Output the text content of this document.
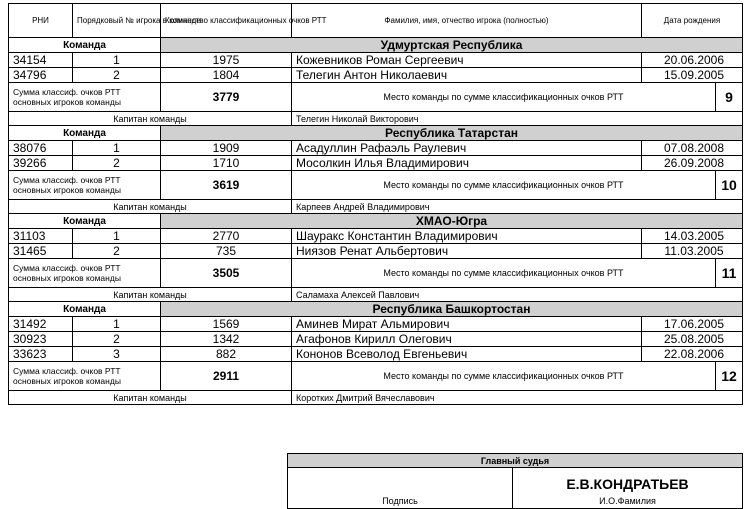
РНИ	Порядковый № игрока в команде	Количество классификационных очков РТТ	Фамилия, имя, отчество игрока (полностью)	Дата рождения	
Команда		Удмуртская Республика			
34154	1	1975	Кожевников Роман Сергеевич	20.06.2006	
34796	2	1804	Телегин Антон Николаевич	15.09.2005	
Сумма классиф. очков РТТ основных игроков команды		3779	Место команды по сумме классификационных очков РТТ		9
Капитан команды			Телегин Николай Викторович		
Команда		Республика Татарстан			
38076	1	1909	Асадуллин Рафаэль Раулевич	07.08.2008	
39266	2	1710	Мосолкин Илья Владимирович	26.09.2008	
Сумма классиф. очков РТТ основных игроков команды		3619	Место команды по сумме классификационных очков РТТ		10
Капитан команды			Карпеев Андрей Владимирович		
Команда		ХМАО-Югра			
31103	1	2770	Шауракс Константин Владимирович	14.03.2005	
31465	2	735	Ниязов Ренат Альбертович	11.03.2005	
Сумма классиф. очков РТТ основных игроков команды		3505	Место команды по сумме классификационных очков РТТ		11
Капитан команды			Саламаха Алексей Павлович		
Команда		Республика Башкортостан			
31492	1	1569	Аминев Мират Альмирович	17.06.2005	
30923	2	1342	Агафонов Кирилл Олегович	25.08.2005	
33623	3	882	Кононов Всеволод Евгеньевич	22.08.2006	
Сумма классиф. очков РТТ основных игроков команды		2911	Место команды по сумме классификационных очков РТТ		12
Капитан команды			Коротких Дмитрий Вячеславович		
Главный судья

Подпись

Е.В.КОНДРАТЬЕВ
И.О.Фамилия
